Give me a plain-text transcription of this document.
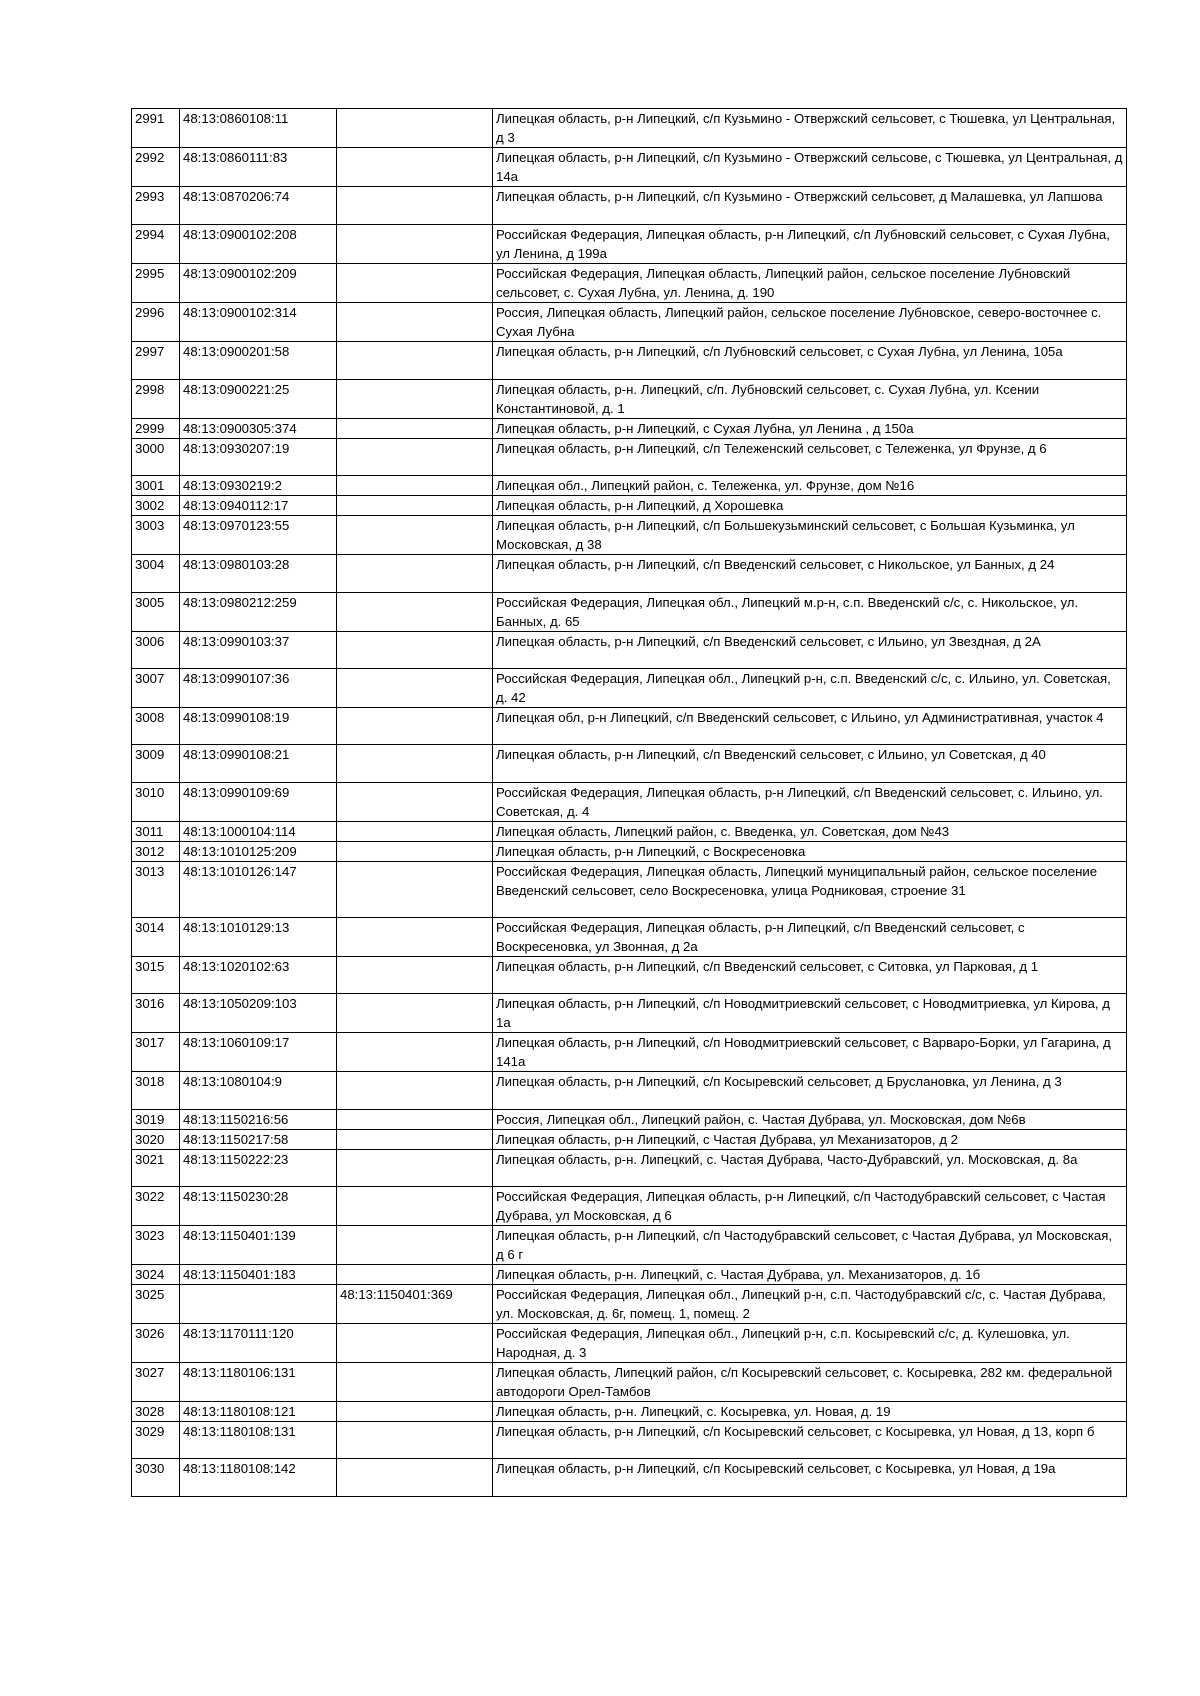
2991	48:13:0860108:11		Липецкая область, р-н Липецкий, с/п Кузьмино - Отвержский сельсовет, с Тюшевка, ул Центральная, д 3
2992	48:13:0860111:83		Липецкая область, р-н Липецкий, с/п Кузьмино - Отвержский сельсове, с Тюшевка, ул Центральная, д 14а
2993	48:13:0870206:74		Липецкая область, р-н Липецкий, с/п Кузьмино - Отвержский сельсовет, д Малашевка, ул Лапшова
2994	48:13:0900102:208		Российская Федерация, Липецкая область, р-н Липецкий, с/п Лубновский сельсовет, с Сухая Лубна, ул Ленина, д 199а
2995	48:13:0900102:209		Российская Федерация, Липецкая область, Липецкий район, сельское поселение Лубновский сельсовет, с. Сухая Лубна, ул. Ленина, д. 190
2996	48:13:0900102:314		Россия, Липецкая область, Липецкий район, сельское поселение Лубновское, северо-восточнее с. Сухая Лубна
2997	48:13:0900201:58		Липецкая область, р-н Липецкий, с/п Лубновский сельсовет, с Сухая Лубна, ул Ленина, 105а
2998	48:13:0900221:25		Липецкая область, р-н. Липецкий, с/п. Лубновский сельсовет, с. Сухая Лубна, ул. Ксении Константиновой, д. 1
2999	48:13:0900305:374		Липецкая область, р-н Липецкий, с Сухая Лубна, ул Ленина , д 150а
3000	48:13:0930207:19		Липецкая область, р-н Липецкий, с/п Тележенский сельсовет, с Тележенка, ул Фрунзе, д 6
3001	48:13:0930219:2		Липецкая обл., Липецкий район, с. Тележенка, ул. Фрунзе, дом №16
3002	48:13:0940112:17		Липецкая область, р-н Липецкий, д Хорошевка
3003	48:13:0970123:55		Липецкая область, р-н Липецкий, с/п Большекузьминский сельсовет, с Большая Кузьминка, ул Московская, д 38
3004	48:13:0980103:28		Липецкая область, р-н Липецкий, с/п Введенский сельсовет, с Никольское, ул Банных, д 24
3005	48:13:0980212:259		Российская Федерация, Липецкая обл., Липецкий м.р-н, с.п. Введенский с/с, с. Никольское, ул. Банных, д. 65
3006	48:13:0990103:37		Липецкая область, р-н Липецкий, с/п Введенский сельсовет, с Ильино, ул Звездная, д 2А
3007	48:13:0990107:36		Российская Федерация, Липецкая обл., Липецкий р-н, с.п. Введенский с/с, с. Ильино, ул. Советская, д. 42
3008	48:13:0990108:19		Липецкая обл, р-н Липецкий, с/п Введенский сельсовет, с Ильино, ул Административная, участок 4
3009	48:13:0990108:21		Липецкая область, р-н Липецкий, с/п Введенский сельсовет, с Ильино, ул Советская, д 40
3010	48:13:0990109:69		Российская Федерация, Липецкая область, р-н Липецкий, с/п Введенский сельсовет, с. Ильино, ул. Советская, д. 4
3011	48:13:1000104:114		Липецкая область, Липецкий район, с. Введенка, ул. Советская, дом №43
3012	48:13:1010125:209		Липецкая область, р-н Липецкий, с Воскресеновка
3013	48:13:1010126:147		Российская Федерация, Липецкая область, Липецкий муниципальный район, сельское поселение Введенский сельсовет, село Воскресеновка, улица Родниковая, строение 31
3014	48:13:1010129:13		Российская Федерация, Липецкая область, р-н Липецкий, с/п Введенский сельсовет, с Воскресеновка, ул Звонная, д 2а
3015	48:13:1020102:63		Липецкая область, р-н Липецкий, с/п Введенский сельсовет, с Ситовка, ул Парковая, д 1
3016	48:13:1050209:103		Липецкая область, р-н Липецкий, с/п Новодмитриевский сельсовет, с Новодмитриевка, ул Кирова, д 1а
3017	48:13:1060109:17		Липецкая область, р-н Липецкий, с/п Новодмитриевский сельсовет, с Варваро-Борки, ул Гагарина, д 141а
3018	48:13:1080104:9		Липецкая область, р-н Липецкий, с/п Косыревский сельсовет, д Бруслановка, ул Ленина, д 3
3019	48:13:1150216:56		Россия, Липецкая обл., Липецкий район, с. Частая Дубрава, ул. Московская, дом №6в
3020	48:13:1150217:58		Липецкая область, р-н Липецкий, с Частая Дубрава, ул Механизаторов, д 2
3021	48:13:1150222:23		Липецкая область, р-н. Липецкий, с. Частая Дубрава, Часто-Дубравский, ул. Московская, д. 8а
3022	48:13:1150230:28		Российская Федерация, Липецкая область, р-н Липецкий, с/п Частодубравский сельсовет, с Частая Дубрава, ул Московская, д 6
3023	48:13:1150401:139		Липецкая область, р-н Липецкий, с/п Частодубравский сельсовет, с Частая Дубрава, ул Московская, д 6 г
3024	48:13:1150401:183		Липецкая область, р-н. Липецкий, с. Частая Дубрава, ул. Механизаторов, д. 1б
3025		48:13:1150401:369	Российская Федерация, Липецкая обл., Липецкий р-н, с.п. Частодубравский с/с, с. Частая Дубрава, ул. Московская, д. 6г, помещ. 1, помещ. 2
3026	48:13:1170111:120		Российская Федерация, Липецкая обл., Липецкий р-н, с.п. Косыревский с/с, д. Кулешовка, ул. Народная, д. 3
3027	48:13:1180106:131		Липецкая область, Липецкий район, с/п Косыревский сельсовет, с. Косыревка, 282 км. федеральной автодороги Орел-Тамбов
3028	48:13:1180108:121		Липецкая область, р-н. Липецкий, с. Косыревка, ул. Новая, д. 19
3029	48:13:1180108:131		Липецкая область, р-н Липецкий, с/п Косыревский сельсовет, с Косыревка, ул Новая, д 13, корп б
3030	48:13:1180108:142		Липецкая область, р-н Липецкий, с/п Косыревский сельсовет, с Косыревка, ул Новая, д 19а
